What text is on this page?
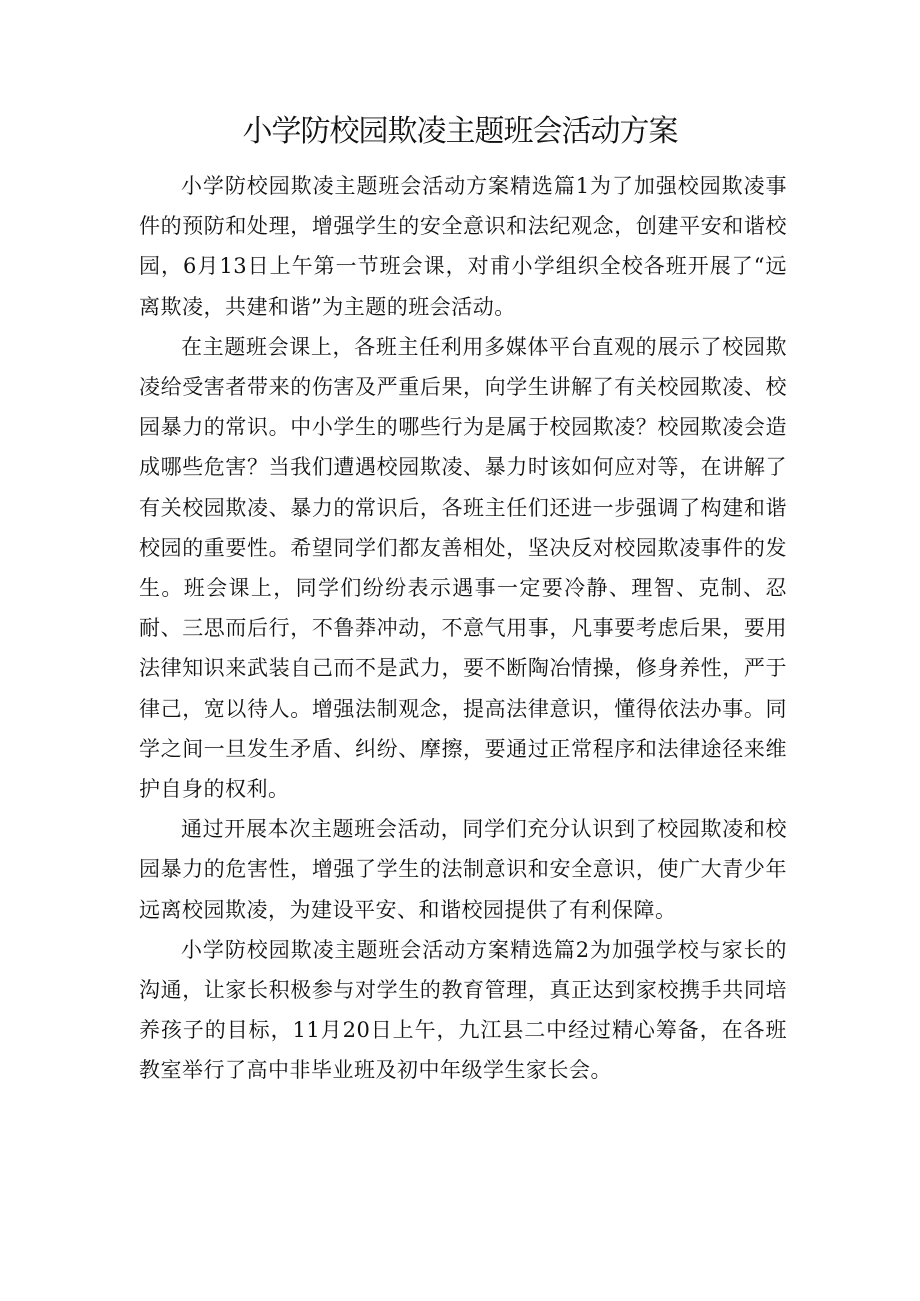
小学防校园欺凌主题班会活动方案

小学防校园欺凌主题班会活动方案精选篇1为了加强校园欺凌事件的预防和处理，增强学生的安全意识和法纪观念，创建平安和谐校园，6月13日上午第一节班会课，对甫小学组织全校各班开展了“远离欺凌，共建和谐”为主题的班会活动。

在主题班会课上，各班主任利用多媒体平台直观的展示了校园欺凌给受害者带来的伤害及严重后果，向学生讲解了有关校园欺凌、校园暴力的常识。中小学生的哪些行为是属于校园欺凌？校园欺凌会造成哪些危害？当我们遭遇校园欺凌、暴力时该如何应对等，在讲解了有关校园欺凌、暴力的常识后，各班主任们还进一步强调了构建和谐校园的重要性。希望同学们都友善相处，坚决反对校园欺凌事件的发生。班会课上，同学们纷纷表示遇事一定要冷静、理智、克制、忍耐、三思而后行，不鲁莽冲动，不意气用事，凡事要考虑后果，要用法律知识来武装自己而不是武力，要不断陶冶情操，修身养性，严于律己，宽以待人。增强法制观念，提高法律意识，懂得依法办事。同学之间一旦发生矛盾、纠纷、摩擦，要通过正常程序和法律途径来维护自身的权利。

通过开展本次主题班会活动，同学们充分认识到了校园欺凌和校园暴力的危害性，增强了学生的法制意识和安全意识，使广大青少年远离校园欺凌，为建设平安、和谐校园提供了有利保障。

小学防校园欺凌主题班会活动方案精选篇2为加强学校与家长的沟通，让家长积极参与对学生的教育管理，真正达到家校携手共同培养孩子的目标，11月20日上午，九江县二中经过精心筹备，在各班教室举行了高中非毕业班及初中年级学生家长会。
